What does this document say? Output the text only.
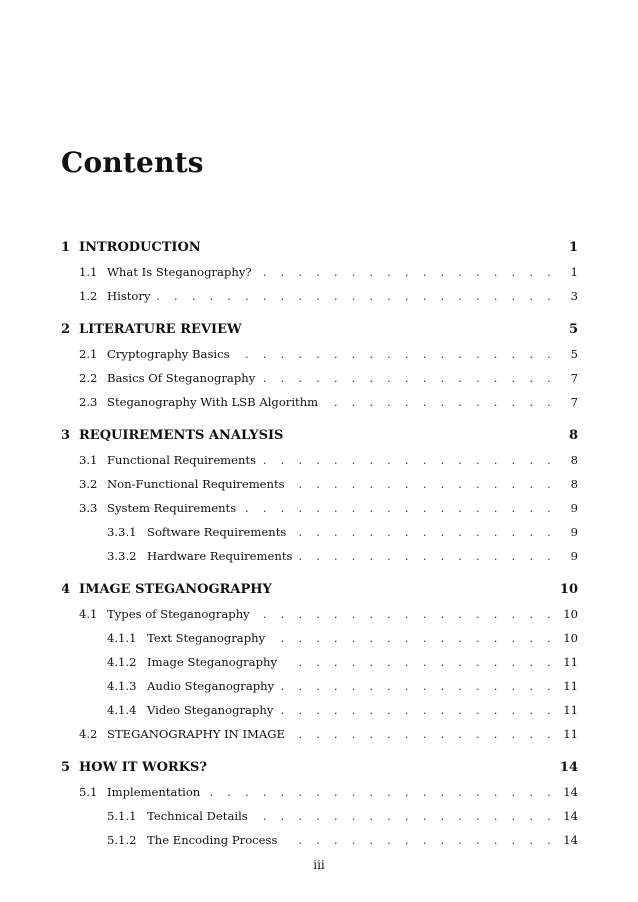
Contents
1 INTRODUCTION	1
1.1 What Is Steganography? . . .	1
1.2 History . . .	3
2 LITERATURE REVIEW	5
2.1 Cryptography Basics . . .	5
2.2 Basics Of Steganography . . .	7
2.3 Steganography With LSB Algorithm . . .	7
3 REQUIREMENTS ANALYSIS	8
3.1 Functional Requirements . . .	8
3.2 Non-Functional Requirements . . .	8
3.3 System Requirements . . .	9
3.3.1 Software Requirements . . .	9
3.3.2 Hardware Requirements . . .	9
4 IMAGE STEGANOGRAPHY	10
4.1 Types of Steganography . . .	10
4.1.1 Text Steganography . . .	10
4.1.2 Image Steganography . . .	11
4.1.3 Audio Steganography . . .	11
4.1.4 Video Steganography . . .	11
4.2 STEGANOGRAPHY IN IMAGE . . .	11
5 HOW IT WORKS?	14
5.1 Implementation . . .	14
5.1.1 Technical Details . . .	14
5.1.2 The Encoding Process . . .	14
iii
